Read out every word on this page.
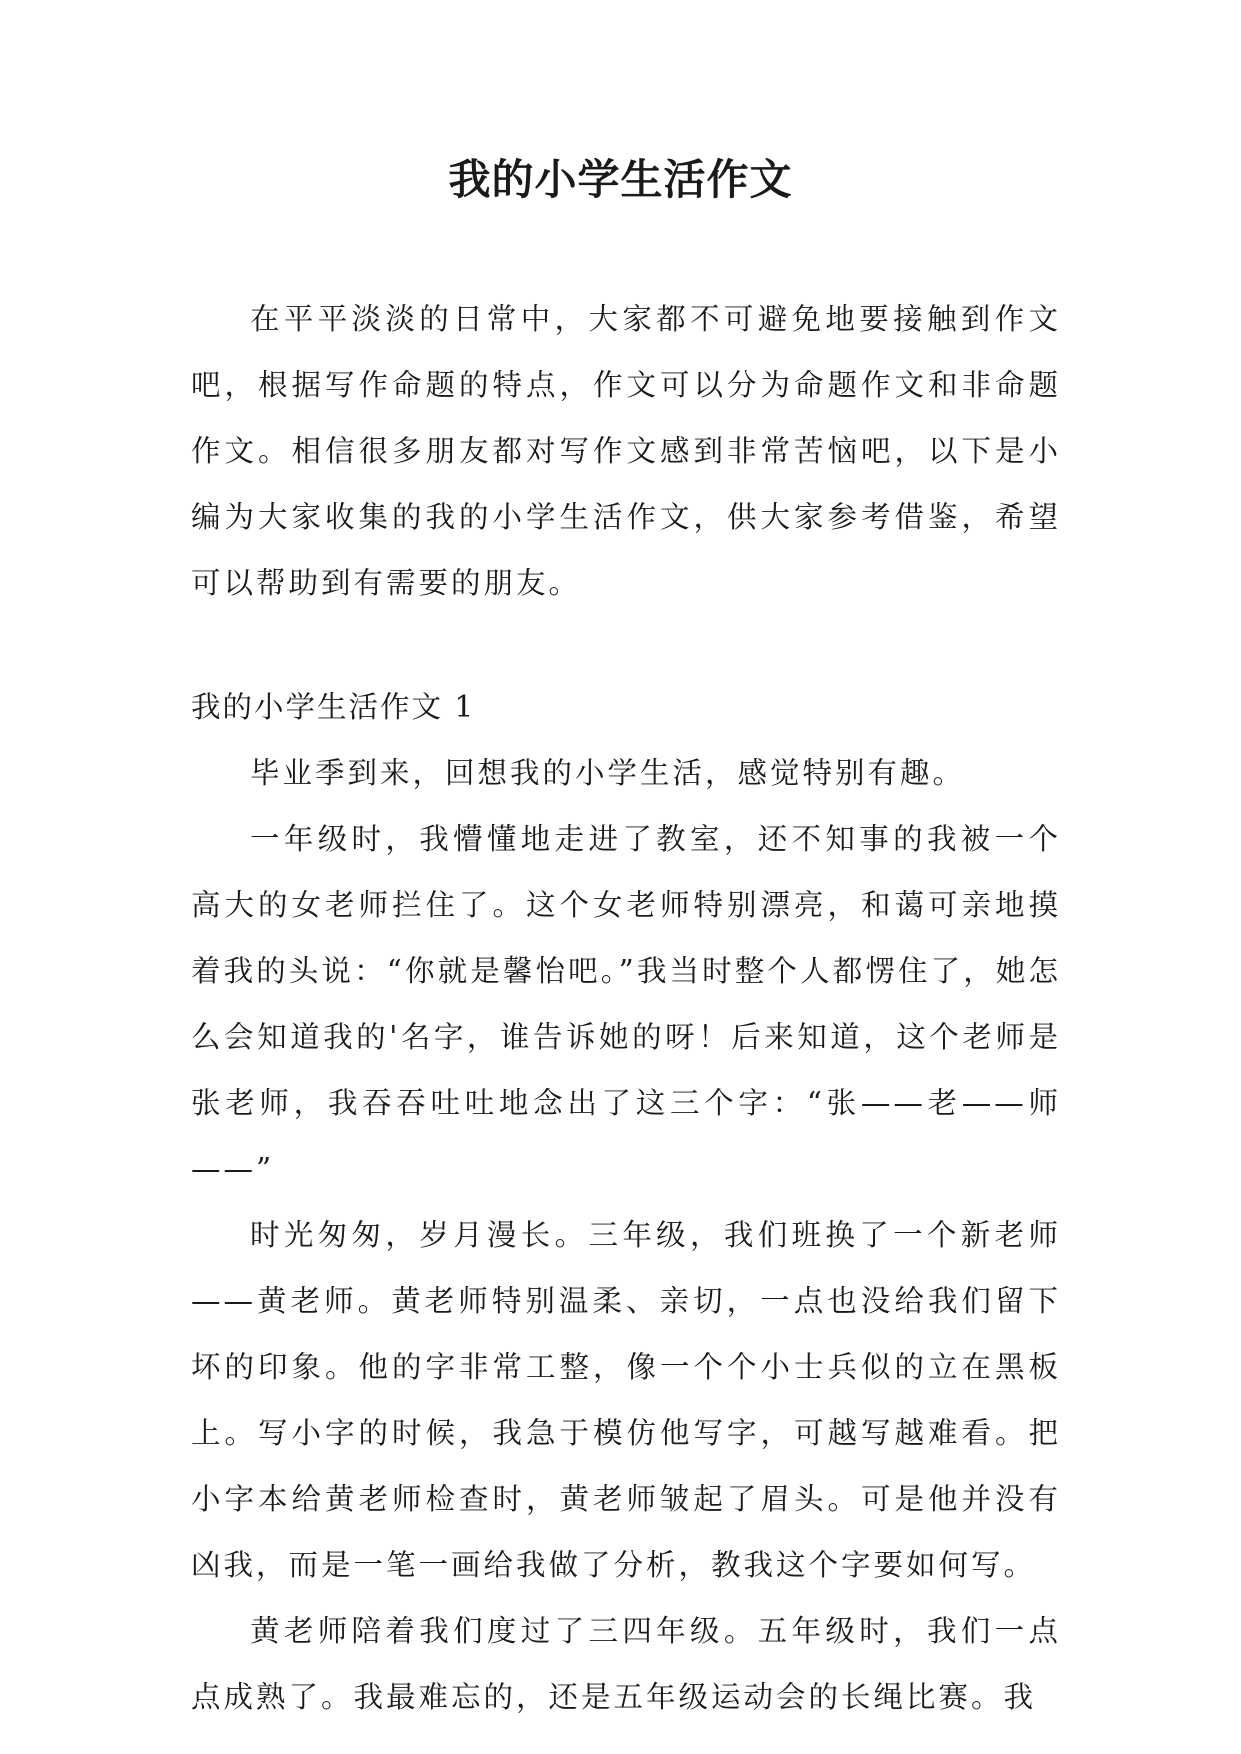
我的小学生活作文

在平平淡淡的日常中，大家都不可避免地要接触到作文吧，根据写作命题的特点，作文可以分为命题作文和非命题作文。相信很多朋友都对写作文感到非常苦恼吧，以下是小编为大家收集的我的小学生活作文，供大家参考借鉴，希望可以帮助到有需要的朋友。

我的小学生活作文 1

毕业季到来，回想我的小学生活，感觉特别有趣。

一年级时，我懵懂地走进了教室，还不知事的我被一个高大的女老师拦住了。这个女老师特别漂亮，和蔼可亲地摸着我的头说：“你就是馨怡吧。”我当时整个人都愣住了，她怎么会知道我的'名字，谁告诉她的呀！后来知道，这个老师是张老师，我吞吞吐吐地念出了这三个字：“张——老——师——”

时光匆匆，岁月漫长。三年级，我们班换了一个新老师——黄老师。黄老师特别温柔、亲切，一点也没给我们留下坏的印象。他的字非常工整，像一个个小士兵似的立在黑板上。写小字的时候，我急于模仿他写字，可越写越难看。把小字本给黄老师检查时，黄老师皱起了眉头。可是他并没有凶我，而是一笔一画给我做了分析，教我这个字要如何写。

黄老师陪着我们度过了三四年级。五年级时，我们一点点成熟了。我最难忘的，还是五年级运动会的长绳比赛。我
